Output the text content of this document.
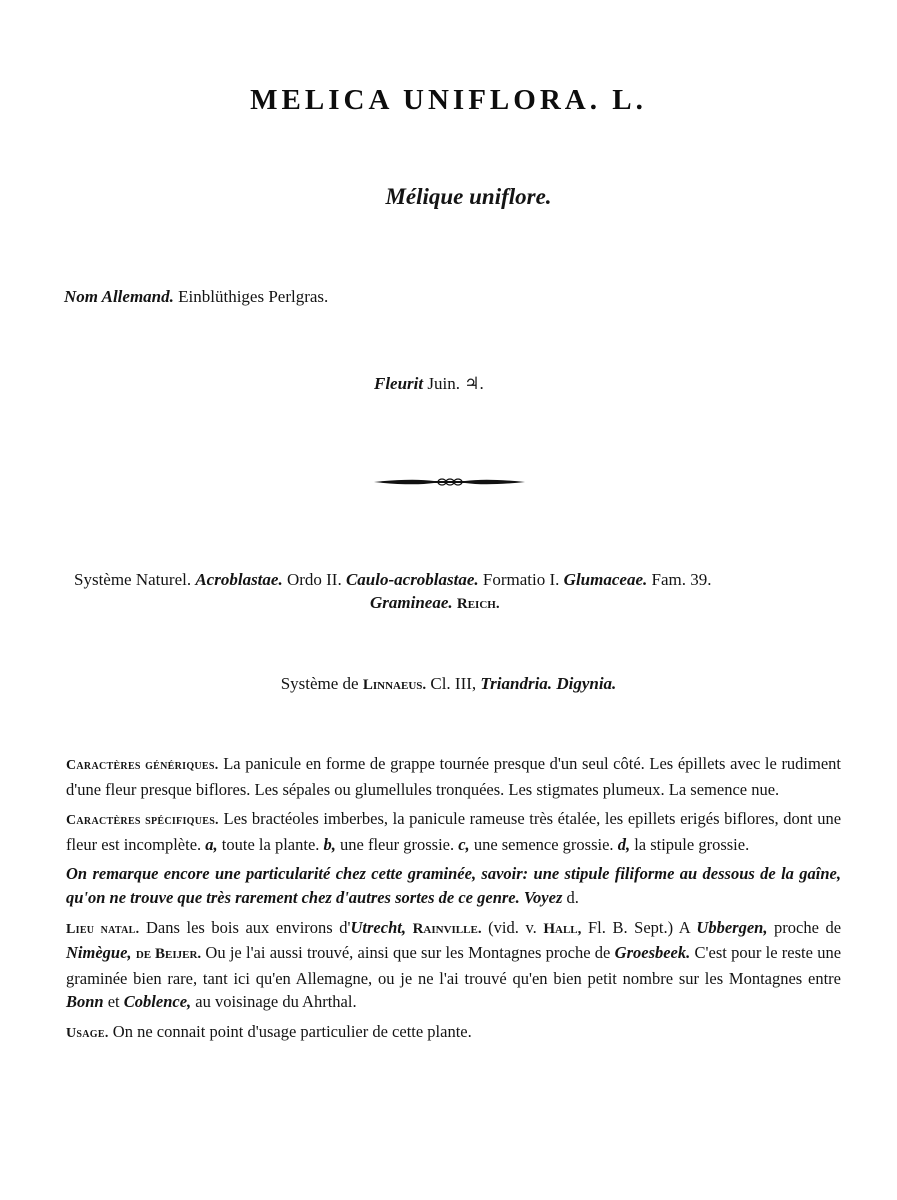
MELICA UNIFLORA. L.
Mélique uniflore.
Nom Allemand. Einblüthiges Perlgras.
Fleurit Juin. ♃.
Système Naturel. Acroblastae. Ordo II. Caulo-acroblastae. Formatio I. Glumaceae. Fam. 39.
Gramineae. Reich.
Système de Linnaeus. Cl. III, Triandria. Digynia.

Caractères génériques. La panicule en forme de grappe tournée presque d'un seul côté. Les épillets avec le rudiment d'une fleur presque biflores. Les sépales ou glumellules tronquées. Les stigmates plumeux. La semence nue.

Caractères spécifiques. Les bractéoles imberbes, la panicule rameuse très étalée, les epillets erigés biflores, dont une fleur est incomplète. a, toute la plante. b, une fleur grossie. c, une semence grossie. d, la stipule grossie.

On remarque encore une particularité chez cette graminée, savoir: une stipule filiforme au dessous de la gaîne, qu'on ne trouve que très rarement chez d'autres sortes de ce genre. Voyez d.

Lieu natal. Dans les bois aux environs d'Utrecht, Rainville. (vid. v. Hall, Fl. B. Sept.) A Ubbergen, proche de Nimègue, de Beijer. Ou je l'ai aussi trouvé, ainsi que sur les Montagnes proche de Groesbeek. C'est pour le reste une graminée bien rare, tant ici qu'en Allemagne, ou je ne l'ai trouvé qu'en bien petit nombre sur les Montagnes entre Bonn et Coblence, au voisinage du Ahrthal.

Usage. On ne connait point d'usage particulier de cette plante.
